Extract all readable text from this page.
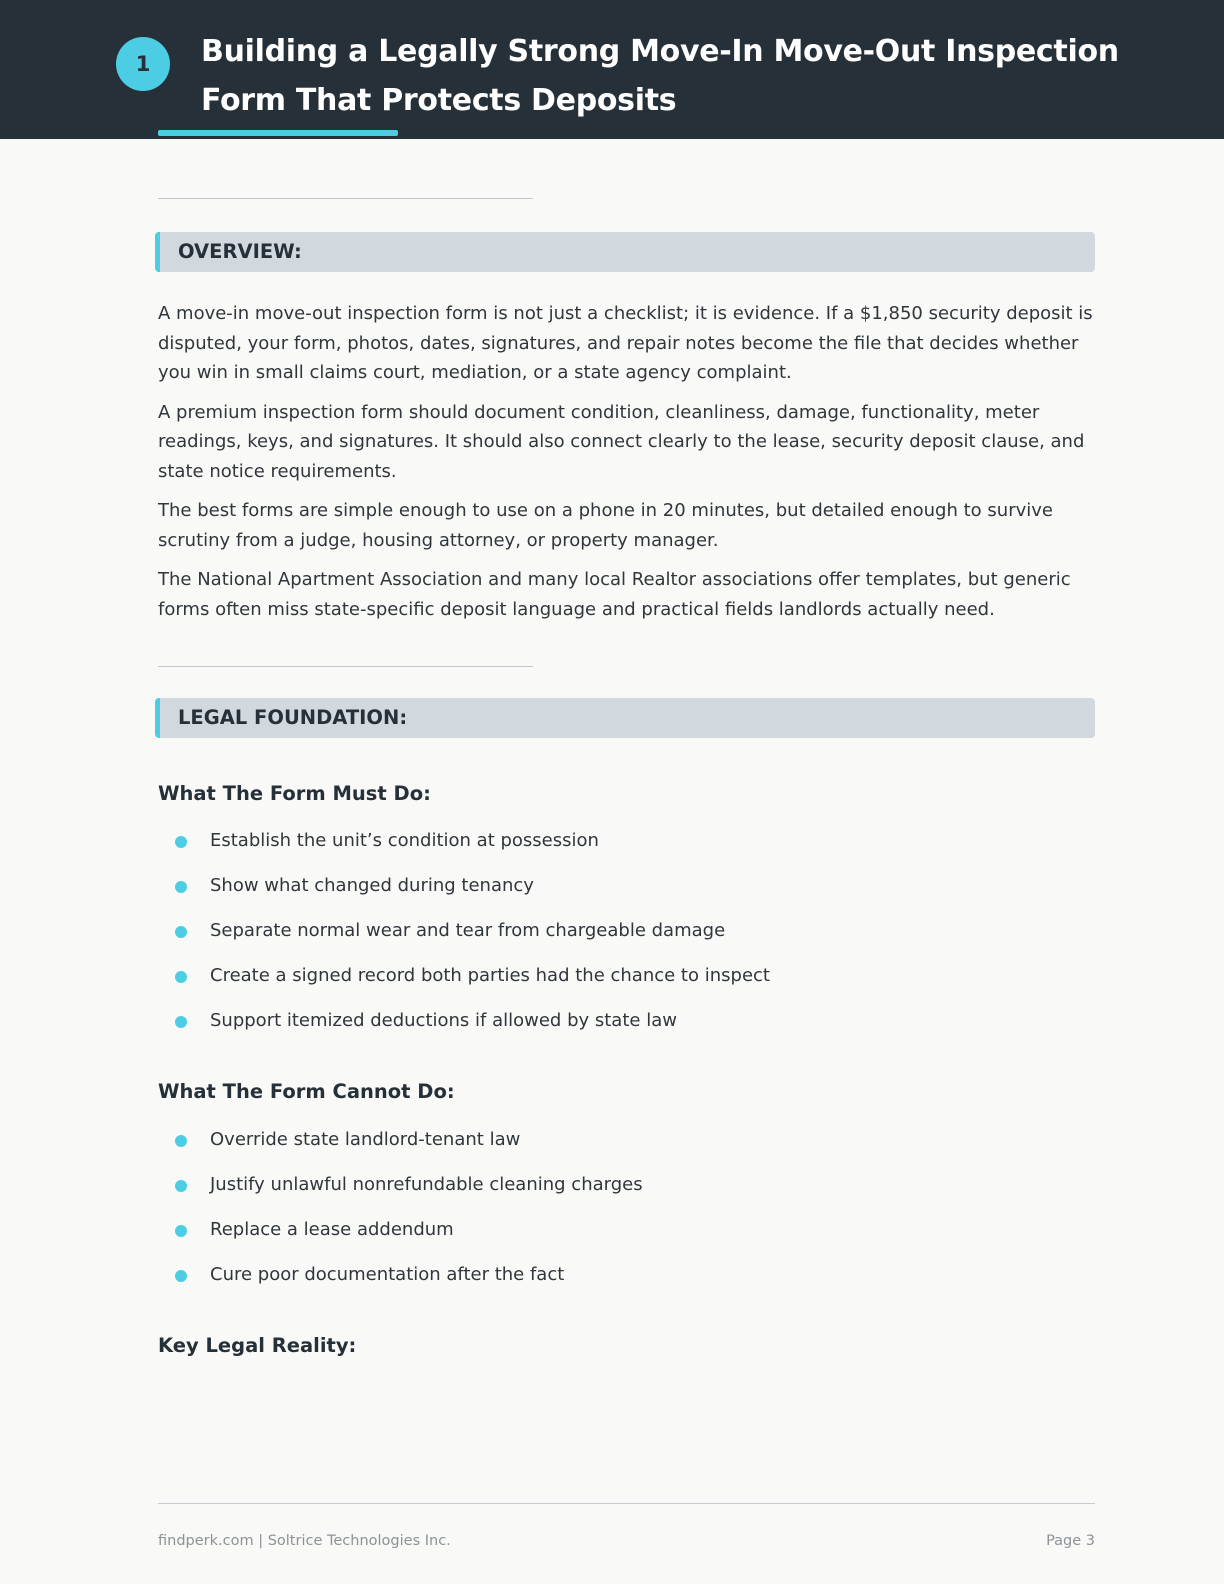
1	Building a Legally Strong Move-In Move-Out Inspection Form That Protects Deposits
OVERVIEW:

A move-in move-out inspection form is not just a checklist; it is evidence. If a $1,850 security deposit is disputed, your form, photos, dates, signatures, and repair notes become the file that decides whether you win in small claims court, mediation, or a state agency complaint.

A premium inspection form should document condition, cleanliness, damage, functionality, meter readings, keys, and signatures. It should also connect clearly to the lease, security deposit clause, and state notice requirements.

The best forms are simple enough to use on a phone in 20 minutes, but detailed enough to survive scrutiny from a judge, housing attorney, or property manager.

The National Apartment Association and many local Realtor associations offer templates, but generic forms often miss state-specific deposit language and practical fields landlords actually need.

LEGAL FOUNDATION:
What The Form Must Do:
Establish the unit’s condition at possession
Show what changed during tenancy
Separate normal wear and tear from chargeable damage
Create a signed record both parties had the chance to inspect
Support itemized deductions if allowed by state law
What The Form Cannot Do:
Override state landlord-tenant law
Justify unlawful nonrefundable cleaning charges
Replace a lease addendum
Cure poor documentation after the fact
Key Legal Reality:
findperk.com | Soltrice Technologies Inc.	Page 3
